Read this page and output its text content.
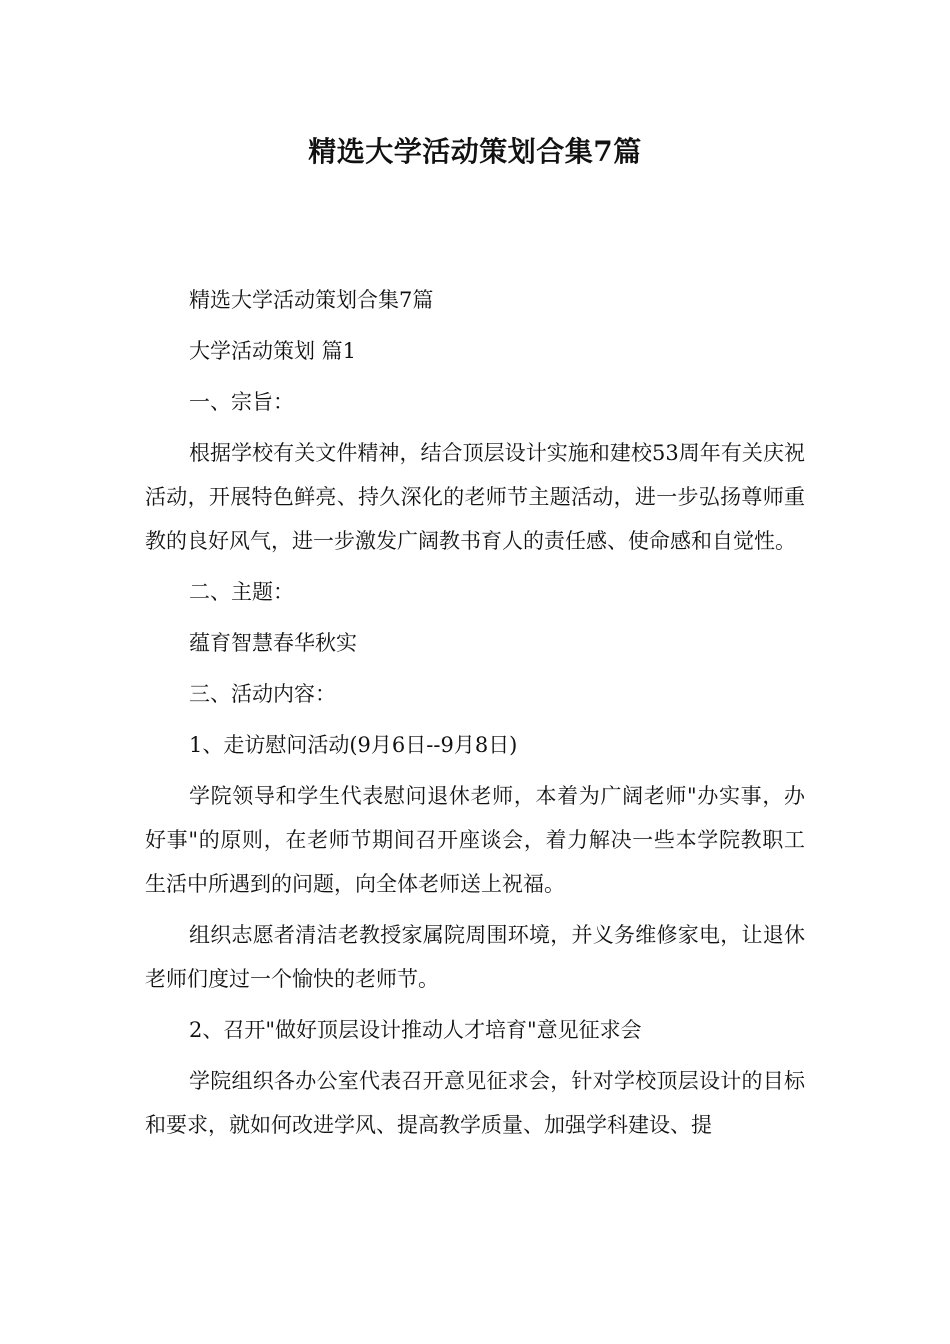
精选大学活动策划合集7篇

精选大学活动策划合集7篇

大学活动策划 篇1

一、宗旨：

根据学校有关文件精神，结合顶层设计实施和建校53周年有关庆祝活动，开展特色鲜亮、持久深化的老师节主题活动，进一步弘扬尊师重教的良好风气，进一步激发广阔教书育人的责任感、使命感和自觉性。

二、主题：

蕴育智慧春华秋实

三、活动内容：

1、走访慰问活动(9月6日--9月8日)

学院领导和学生代表慰问退休老师，本着为广阔老师"办实事，办好事"的原则，在老师节期间召开座谈会，着力解决一些本学院教职工生活中所遇到的问题，向全体老师送上祝福。

组织志愿者清洁老教授家属院周围环境，并义务维修家电，让退休老师们度过一个愉快的老师节。

2、召开"做好顶层设计推动人才培育"意见征求会

学院组织各办公室代表召开意见征求会，针对学校顶层设计的目标和要求，就如何改进学风、提高教学质量、加强学科建设、提
